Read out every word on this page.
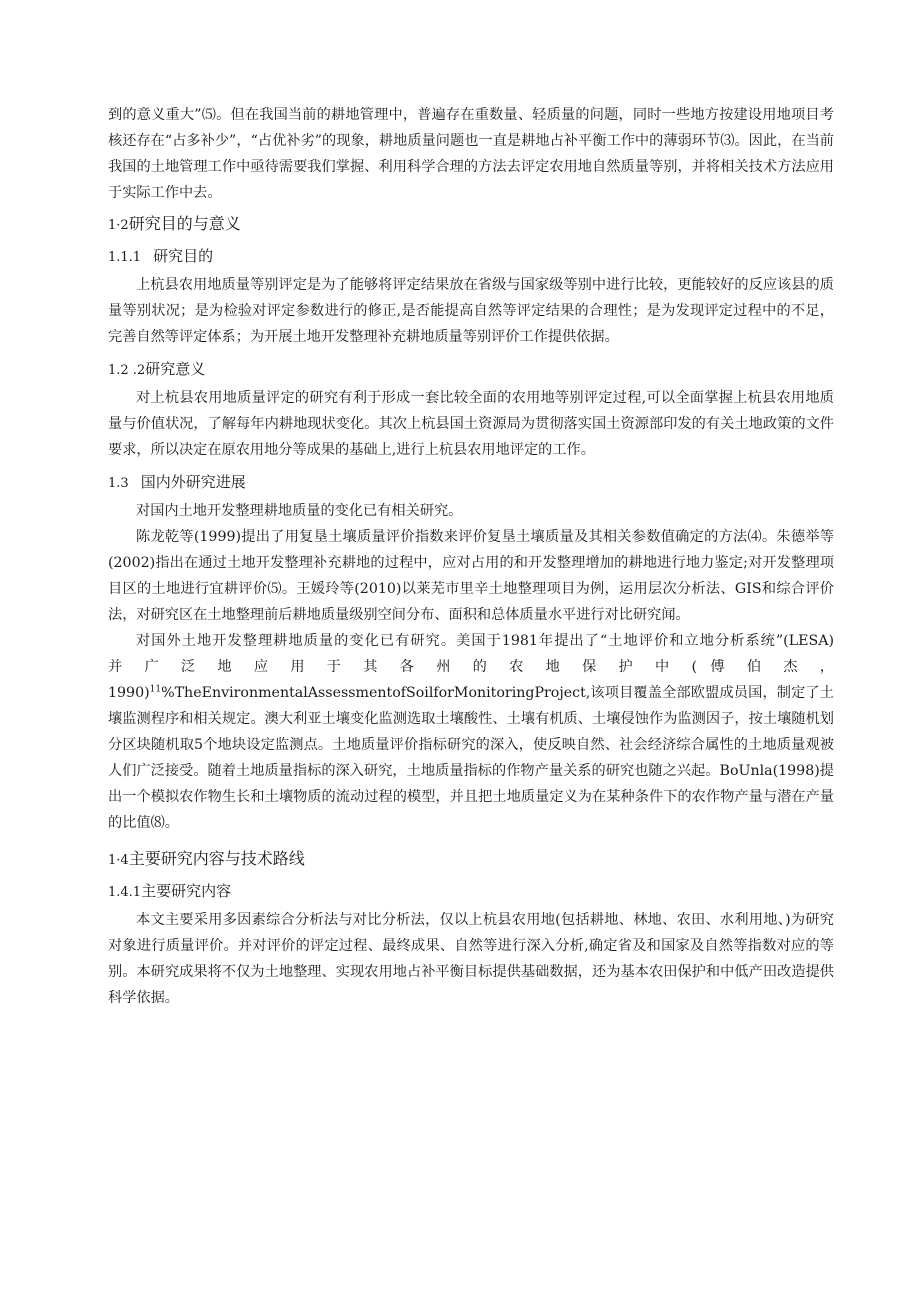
到的意义重大”⑸。但在我国当前的耕地管理中，普遍存在重数量、轻质量的问题，同时一些地方按建设用地项目考核还存在“占多补少”，“占优补劣”的现象，耕地质量问题也一直是耕地占补平衡工作中的薄弱环节⑶。因此，在当前我国的土地管理工作中亟待需要我们掌握、利用科学合理的方法去评定农用地自然质量等别，并将相关技术方法应用于实际工作中去。

1·2研究目的与意义
1.1.1 研究目的

上杭县农用地质量等别评定是为了能够将评定结果放在省级与国家级等别中进行比较，更能较好的反应该县的质量等别状况；是为检验对评定参数进行的修正,是否能提高自然等评定结果的合理性；是为发现评定过程中的不足，完善自然等评定体系；为开展土地开发整理补充耕地质量等别评价工作提供依据。

1.2 .2研究意义

对上杭县农用地质量评定的研究有利于形成一套比较全面的农用地等别评定过程,可以全面掌握上杭县农用地质量与价值状况，了解每年内耕地现状变化。其次上杭县国土资源局为贯彻落实国土资源部印发的有关土地政策的文件要求，所以决定在原农用地分等成果的基础上,进行上杭县农用地评定的工作。

1.3 国内外研究进展

对国内土地开发整理耕地质量的变化已有相关研究。

陈龙乾等(1999)提出了用复垦土壤质量评价指数来评价复垦土壤质量及其相关参数值确定的方法⑷。朱德举等(2002)指出在通过土地开发整理补充耕地的过程中，应对占用的和开发整理增加的耕地进行地力鉴定;对开发整理项目区的土地进行宜耕评价⑸。王媛玲等(2010)以莱芜市里辛土地整理项目为例，运用层次分析法、GIS和综合评价法，对研究区在土地整理前后耕地质量级别空间分布、面积和总体质量水平进行对比研究闻。

对国外土地开发整理耕地质量的变化已有研究。美国于1981年提出了“土地评价和立地分析系统”(LESA)

并 广 泛 地 应 用 于 其 各 州 的 农 地 保 护 中 ( 傅 伯 杰 ，

1990)$^{11}$%TheEnvironmentalAssessmentofSoilforMonitoringProject,该项目覆盖全部欧盟成员国，制定了土壤监测程序和相关规定。澳大利亚土壤变化监测选取土壤酸性、土壤有机质、土壤侵蚀作为监测因子，按土壤随机划分区块随机取5个地块设定监测点。土地质量评价指标研究的深入，使反映自然、社会经济综合属性的土地质量观被人们广泛接受。随着土地质量指标的深入研究，土地质量指标的作物产量关系的研究也随之兴起。BoUnla(1998)提出一个模拟农作物生长和土壤物质的流动过程的模型，并且把土地质量定义为在某种条件下的农作物产量与潜在产量的比值⑻。

1·4主要研究内容与技术路线
1.4.1主要研究内容

本文主要采用多因素综合分析法与对比分析法，仅以上杭县农用地(包括耕地、林地、农田、水利用地、)为研究对象进行质量评价。并对评价的评定过程、最终成果、自然等进行深入分析,确定省及和国家及自然等指数对应的等别。本研究成果将不仅为土地整理、实现农用地占补平衡目标提供基础数据，还为基本农田保护和中低产田改造提供科学依据。
